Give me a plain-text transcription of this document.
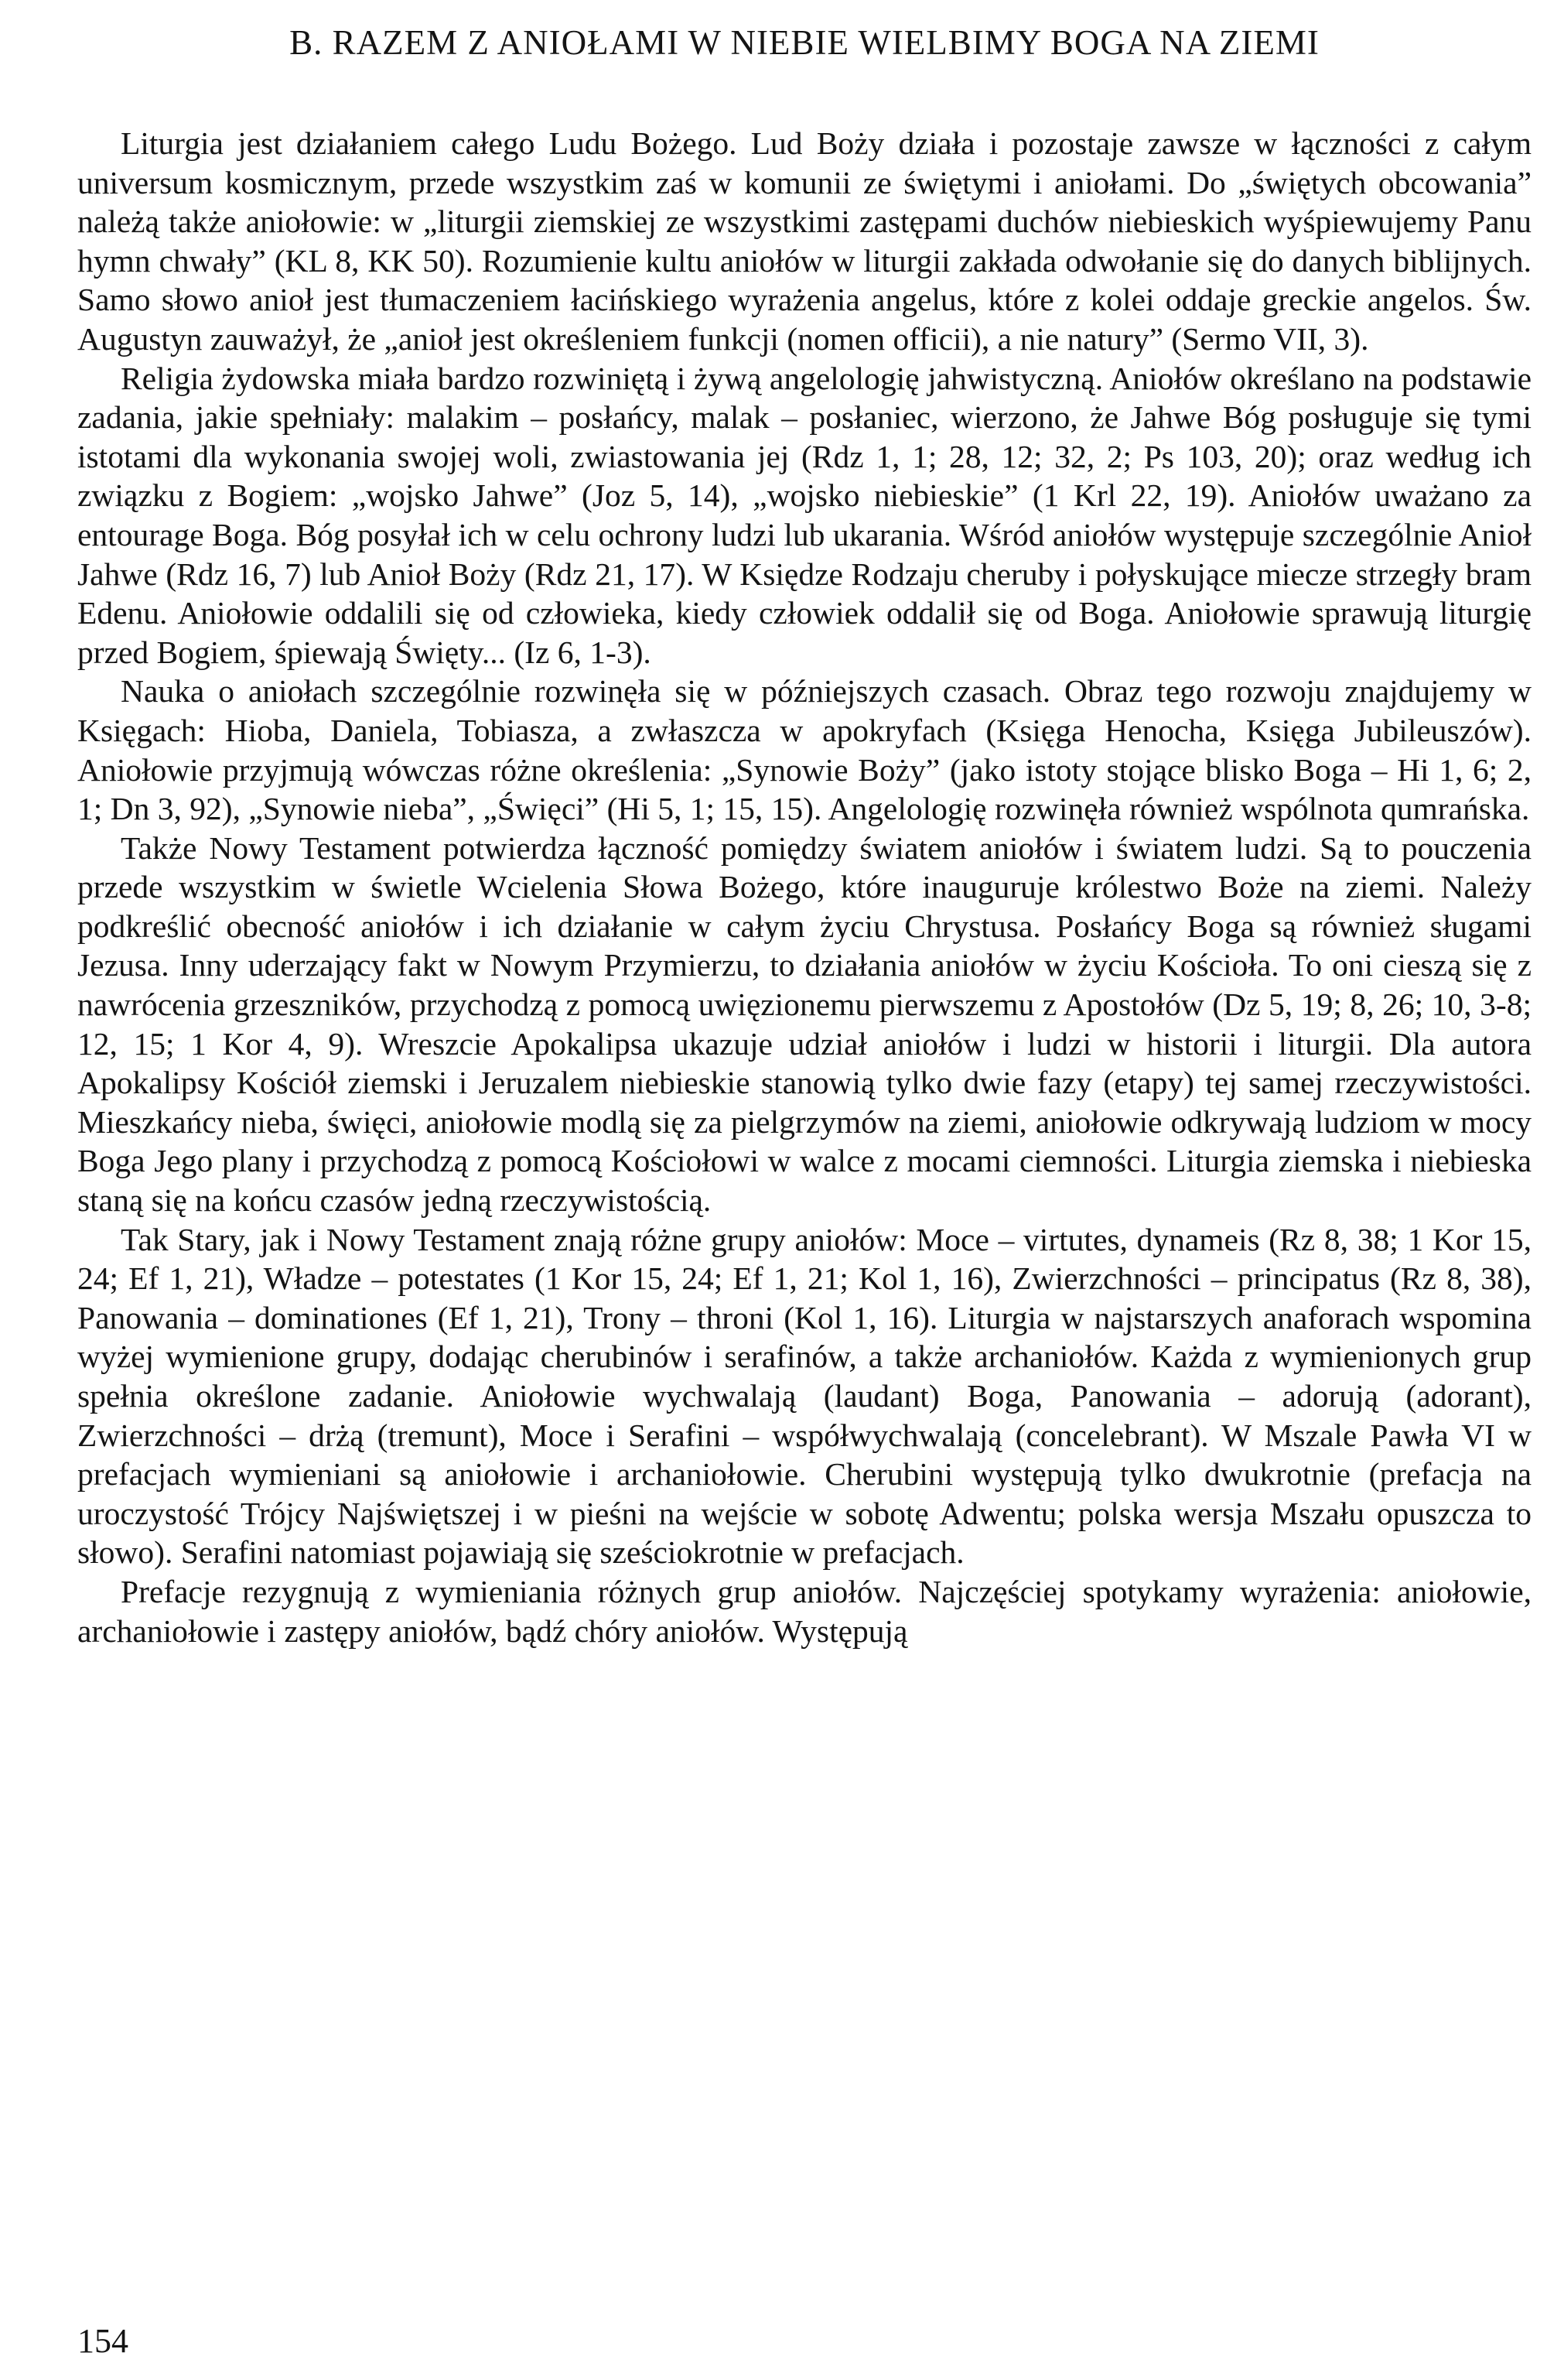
B. RAZEM Z ANIOŁAMI W NIEBIE WIELBIMY BOGA NA ZIEMI

Liturgia jest działaniem całego Ludu Bożego. Lud Boży działa i pozostaje zawsze w łączności z całym universum kosmicznym, przede wszystkim zaś w komunii ze świętymi i aniołami. Do „świętych obcowania” należą także aniołowie: w „liturgii ziemskiej ze wszystkimi zastępami duchów niebieskich wyśpiewujemy Panu hymn chwały” (KL 8, KK 50). Rozumienie kultu aniołów w liturgii zakłada odwołanie się do danych biblijnych. Samo słowo anioł jest tłumaczeniem łacińskiego wyrażenia angelus, które z kolei oddaje greckie angelos. Św. Augustyn zauważył, że „anioł jest określeniem funkcji (nomen officii), a nie natury” (Sermo VII, 3).

Religia żydowska miała bardzo rozwiniętą i żywą angelologię jahwistyczną. Aniołów określano na podstawie zadania, jakie spełniały: malakim – posłańcy, malak – posłaniec, wierzono, że Jahwe Bóg posługuje się tymi istotami dla wykonania swojej woli, zwiastowania jej (Rdz 1, 1; 28, 12; 32, 2; Ps 103, 20); oraz według ich związku z Bogiem: „wojsko Jahwe” (Joz 5, 14), „wojsko niebieskie” (1 Krl 22, 19). Aniołów uważano za entourage Boga. Bóg posyłał ich w celu ochrony ludzi lub ukarania. Wśród aniołów występuje szczególnie Anioł Jahwe (Rdz 16, 7) lub Anioł Boży (Rdz 21, 17). W Księdze Rodzaju cheruby i połyskujące miecze strzegły bram Edenu. Aniołowie oddalili się od człowieka, kiedy człowiek oddalił się od Boga. Aniołowie sprawują liturgię przed Bogiem, śpiewają Święty... (Iz 6, 1-3).

Nauka o aniołach szczególnie rozwinęła się w późniejszych czasach. Obraz tego rozwoju znajdujemy w Księgach: Hioba, Daniela, Tobiasza, a zwłaszcza w apokryfach (Księga Henocha, Księga Jubileuszów). Aniołowie przyjmują wówczas różne określenia: „Synowie Boży” (jako istoty stojące blisko Boga – Hi 1, 6; 2, 1; Dn 3, 92), „Synowie nieba”, „Święci” (Hi 5, 1; 15, 15). Angelologię rozwinęła również wspólnota qumrańska.

Także Nowy Testament potwierdza łączność pomiędzy światem aniołów i światem ludzi. Są to pouczenia przede wszystkim w świetle Wcielenia Słowa Bożego, które inauguruje królestwo Boże na ziemi. Należy podkreślić obecność aniołów i ich działanie w całym życiu Chrystusa. Posłańcy Boga są również sługami Jezusa. Inny uderzający fakt w Nowym Przymierzu, to działania aniołów w życiu Kościoła. To oni cieszą się z nawrócenia grzeszników, przychodzą z pomocą uwięzionemu pierwszemu z Apostołów (Dz 5, 19; 8, 26; 10, 3-8; 12, 15; 1 Kor 4, 9). Wreszcie Apokalipsa ukazuje udział aniołów i ludzi w historii i liturgii. Dla autora Apokalipsy Kościół ziemski i Jeruzalem niebieskie stanowią tylko dwie fazy (etapy) tej samej rzeczywistości. Mieszkańcy nieba, święci, aniołowie modlą się za pielgrzymów na ziemi, aniołowie odkrywają ludziom w mocy Boga Jego plany i przychodzą z pomocą Kościołowi w walce z mocami ciemności. Liturgia ziemska i niebieska staną się na końcu czasów jedną rzeczywistością.

Tak Stary, jak i Nowy Testament znają różne grupy aniołów: Moce – virtutes, dynameis (Rz 8, 38; 1 Kor 15, 24; Ef 1, 21), Władze – potestates (1 Kor 15, 24; Ef 1, 21; Kol 1, 16), Zwierzchności – principatus (Rz 8, 38), Panowania – dominationes (Ef 1, 21), Trony – throni (Kol 1, 16). Liturgia w najstarszych anaforach wspomina wyżej wymienione grupy, dodając cherubinów i serafinów, a także archaniołów. Każda z wymienionych grup spełnia określone zadanie. Aniołowie wychwalają (laudant) Boga, Panowania – adorują (adorant), Zwierzchności – drżą (tremunt), Moce i Serafini – współwychwalają (concelebrant). W Mszale Pawła VI w prefacjach wymieniani są aniołowie i archaniołowie. Cherubini występują tylko dwukrotnie (prefacja na uroczystość Trójcy Najświętszej i w pieśni na wejście w sobotę Adwentu; polska wersja Mszału opuszcza to słowo). Serafini natomiast pojawiają się sześciokrotnie w prefacjach.

Prefacje rezygnują z wymieniania różnych grup aniołów. Najczęściej spotykamy wyrażenia: aniołowie, archaniołowie i zastępy aniołów, bądź chóry aniołów. Występują

154
